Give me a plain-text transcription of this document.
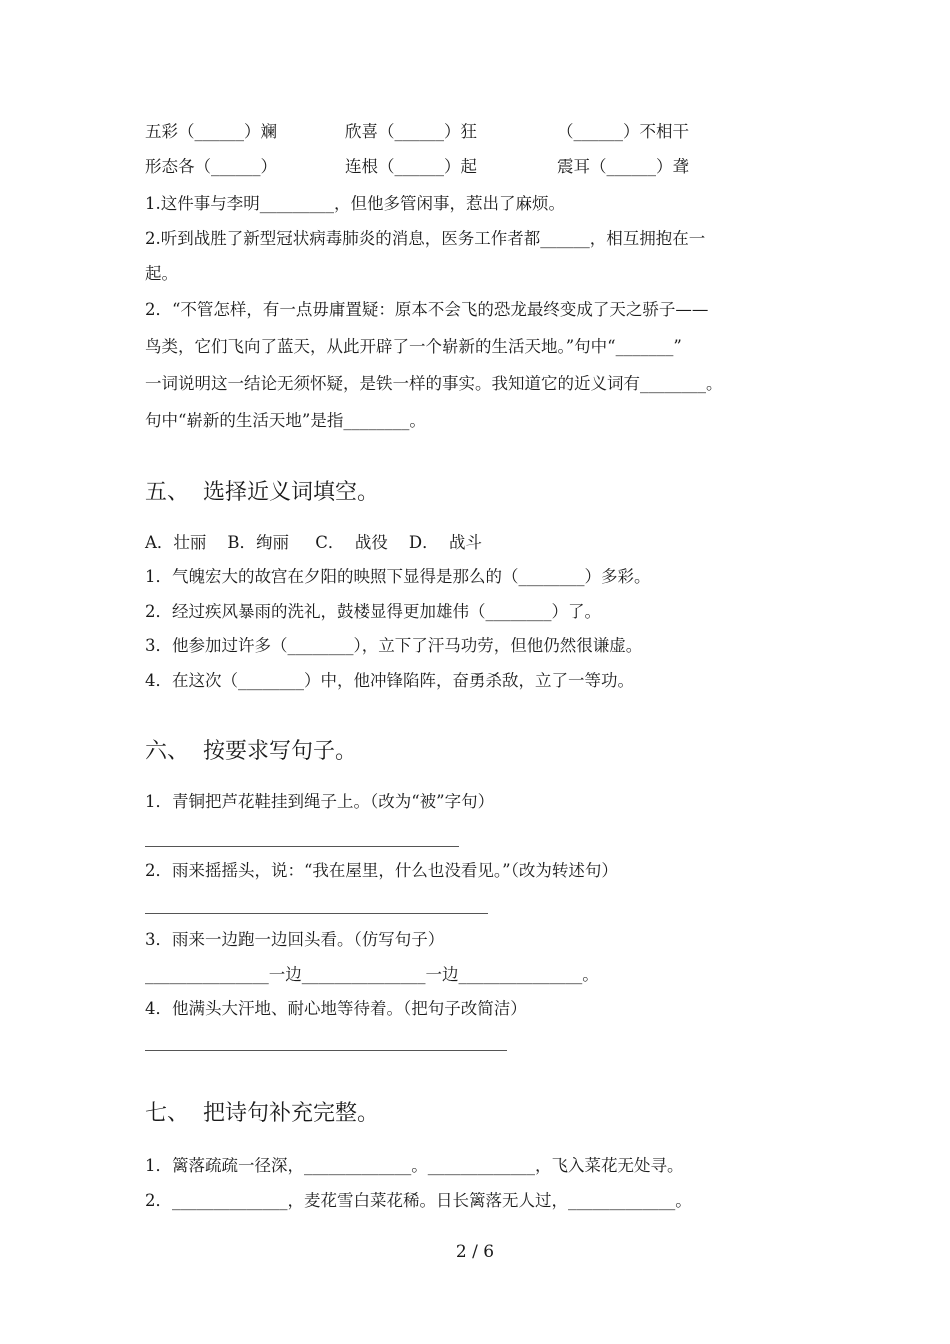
五彩（______）斓	欣喜（______）狂	（______）不相干
形态各（______）	连根（______）起	震耳（______）聋
1.这件事与李明_________，但他多管闲事，惹出了麻烦。
2.听到战胜了新型冠状病毒肺炎的消息，医务工作者都______，相互拥抱在一
起。
2．“不管怎样，有一点毋庸置疑：原本不会飞的恐龙最终变成了天之骄子——
鸟类，它们飞向了蓝天，从此开辟了一个崭新的生活天地。”句中“_______”
一词说明这一结论无须怀疑，是铁一样的事实。我知道它的近义词有________。
句中“崭新的生活天地”是指________。
五、  选择近义词填空。
A．壮丽    B．绚丽     C．  战役    D．  战斗
1．气魄宏大的故宫在夕阳的映照下显得是那么的（________）多彩。
2．经过疾风暴雨的洗礼，鼓楼显得更加雄伟（________）了。
3．他参加过许多（________），立下了汗马功劳，但他仍然很谦虚。
4．在这次（________）中，他冲锋陷阵，奋勇杀敌，立了一等功。
六、  按要求写句子。
1．青铜把芦花鞋挂到绳子上。（改为“被”字句）
2．雨来摇摇头，说：“我在屋里，什么也没看见。”（改为转述句）
3．雨来一边跑一边回头看。（仿写句子）
_______________一边_______________一边_______________。
4．他满头大汗地、耐心地等待着。（把句子改简洁）
七、  把诗句补充完整。
1．篱落疏疏一径深，_____________。_____________，飞入菜花无处寻。
2．______________，麦花雪白菜花稀。日长篱落无人过，_____________。
2 / 6
